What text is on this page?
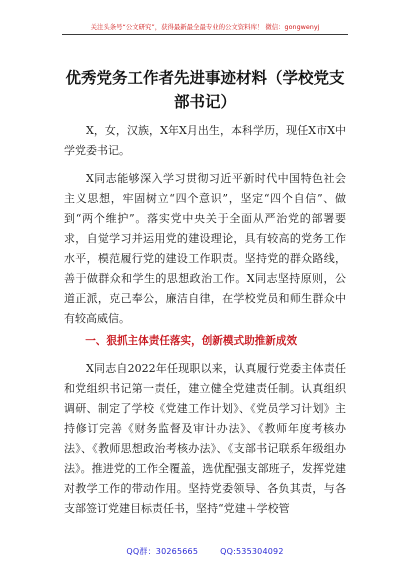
关注头条号“公文研究”，获得最新最全最专业的公文资料库！ 微信：gongwenyj
优秀党务工作者先进事迹材料（学校党支部书记）

X，女，汉族，X年X月出生，本科学历，现任X市X中学党委书记。

X同志能够深入学习贯彻习近平新时代中国特色社会主义思想，牢固树立“四个意识”，坚定“四个自信”、做到“两个维护”。落实党中央关于全面从严治党的部署要求，自觉学习并运用党的建设理论，具有较高的党务工作水平，模范履行党的建设工作职责。坚持党的群众路线，善于做群众和学生的思想政治工作。X同志坚持原则，公道正派，克己奉公，廉洁自律，在学校党员和师生群众中有较高威信。

一、狠抓主体责任落实，创新模式助推新成效

X同志自2022年任现职以来，认真履行党委主体责任和党组织书记第一责任，建立健全党建责任制。认真组织调研、制定了学校《党建工作计划》、《党员学习计划》主持修订完善《财务监督及审计办法》、《教师年度考核办法》、《教师思想政治考核办法》、《支部书记联系年级组办法》。推进党的工作全覆盖，选优配强支部班子，发挥党建对教学工作的带动作用。坚持党委领导、各负其责，与各支部签订党建目标责任书，坚持“党建＋学校管

QQ群：30265665	QQ:535304092
